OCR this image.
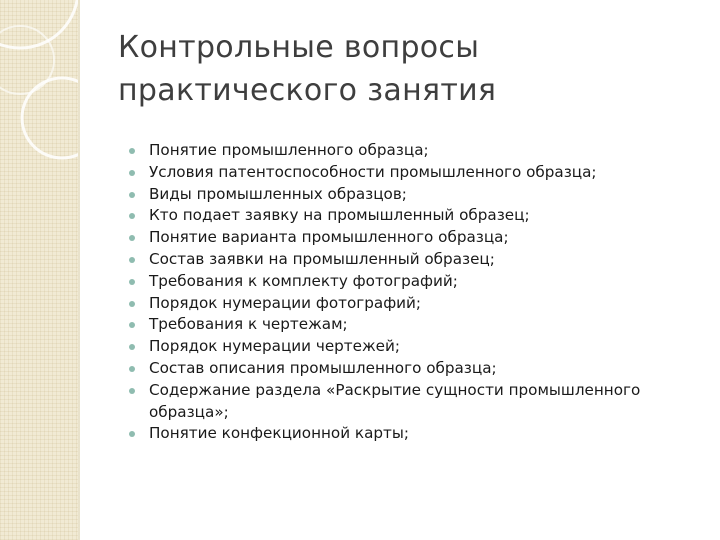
Контрольные вопросы
практического занятия
Понятие промышленного образца;
Условия патентоспособности промышленного образца;
Виды промышленных образцов;
Кто подает заявку на промышленный образец;
Понятие варианта промышленного образца;
Состав заявки на промышленный образец;
Требования к комплекту фотографий;
Порядок нумерации фотографий;
Требования к чертежам;
Порядок нумерации чертежей;
Состав описания промышленного образца;
Содержание раздела «Раскрытие сущности промышленного образца»;
Понятие конфекционной карты;
